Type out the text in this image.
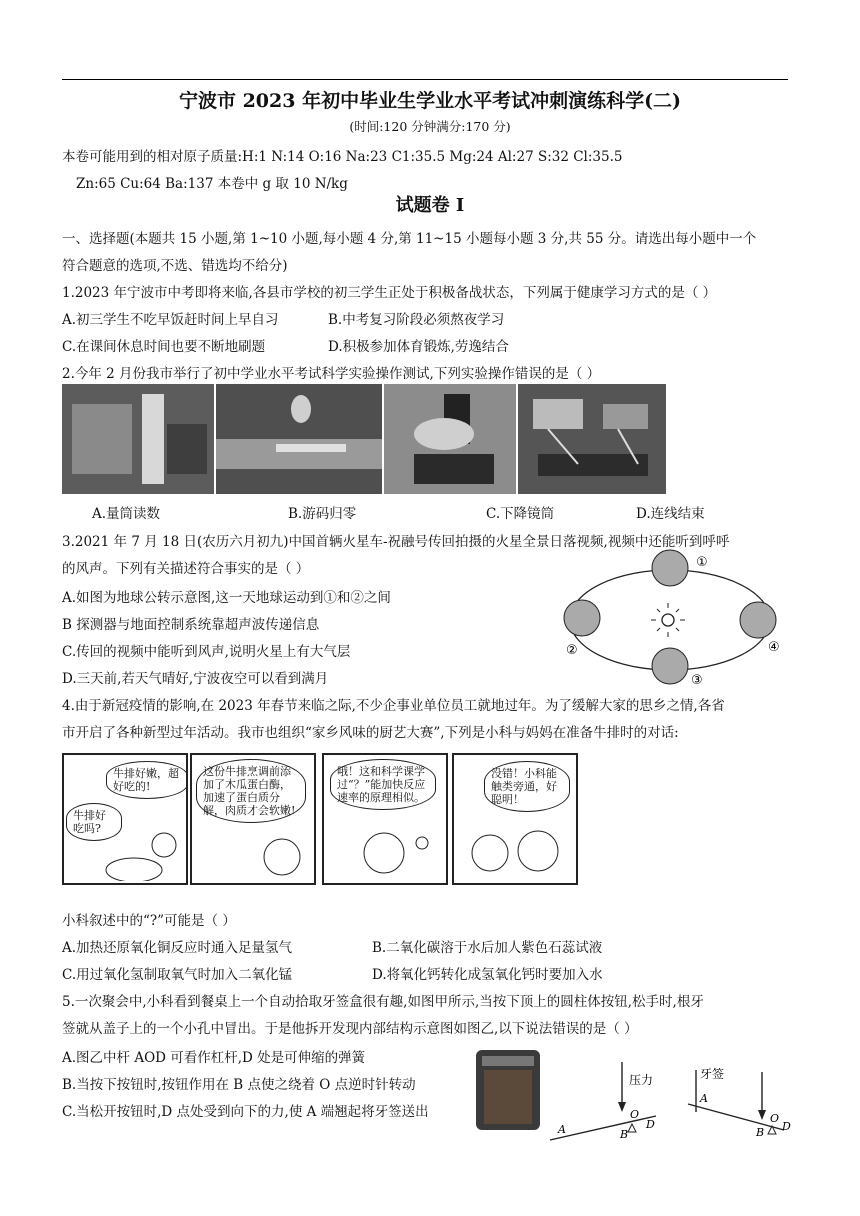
宁波市 2023 年初中毕业生学业水平考试冲刺演练科学(二)
(时间:120 分钟满分:170 分)
本卷可能用到的相对原子质量:H:1 N:14 O:16 Na:23 C1:35.5 Mg:24 Al:27 S:32 Cl:35.5
Zn:65 Cu:64 Ba:137 本卷中 g 取 10 N/kg
试题卷 I
一、选择题(本题共 15 小题,第 1~10 小题,每小题 4 分,第 11~15 小题每小题 3 分,共 55 分。请选出每小题中一个
符合题意的选项,不选、错选均不给分)
1.2023 年宁波市中考即将来临,各县市学校的初三学生正处于积极备战状态，下列属于健康学习方式的是（ ）
A.初三学生不吃早饭赶时间上早自习	B.中考复习阶段必须熬夜学习
C.在课间休息时间也要不断地刷题	D.积极参加体育锻炼,劳逸结合
2.今年 2 月份我市举行了初中学业水平考试科学实验操作测试,下列实验操作错误的是（ ）
A.量筒读数	B.游码归零	C.下降镜筒	D.连线结束
3.2021 年 7 月 18 日(农历六月初九)中国首辆火星车-祝融号传回拍摄的火星全景日落视频,视频中还能听到呼呼
的风声。下列有关描述符合事实的是（ ）
A.如图为地球公转示意图,这一天地球运动到①和②之间
B 探测器与地面控制系统靠超声波传递信息
C.传回的视频中能听到风声,说明火星上有大气层
D.三天前,若天气晴好,宁波夜空可以看到满月
①
②
③
④
4.由于新冠疫情的影响,在 2023 年春节来临之际,不少企事业单位员工就地过年。为了缓解大家的思乡之情,各省
市开启了各种新型过年活动。我市也组织“家乡风味的厨艺大赛”,下列是小科与妈妈在准备牛排时的对话:
牛排好嫩，超好吃的!
牛排好吃吗?
这份牛排烹调前添加了木瓜蛋白酶，加速了蛋白质分解，肉质才会软嫩!
哦！这和科学课学过“？”能加快反应速率的原理相似。
没错！小科能触类旁通，好聪明！
小科叙述中的“?”可能是（ ）
A.加热还原氧化铜反应时通入足量氢气	B.二氧化碳溶于水后加人紫色石蕊试液
C.用过氧化氢制取氧气时加入二氧化锰	D.将氧化钙转化成氢氧化钙时要加入水
5.一次聚会中,小科看到餐桌上一个自动拾取牙签盒很有趣,如图甲所示,当按下顶上的圆柱体按钮,松手时,根牙
签就从盖子上的一个小孔中冒出。于是他拆开发现内部结构示意图如图乙,以下说法错误的是（ ）
A.图乙中杆 AOD 可看作杠杆,D 处是可伸缩的弹簧
B.当按下按钮时,按钮作用在 B 点使之绕着 O 点逆时针转动
C.当松开按钮时,D 点处受到向下的力,使 A 端翘起将牙签送出
压力
A	B
O
D
牙签
A
B
O
D
